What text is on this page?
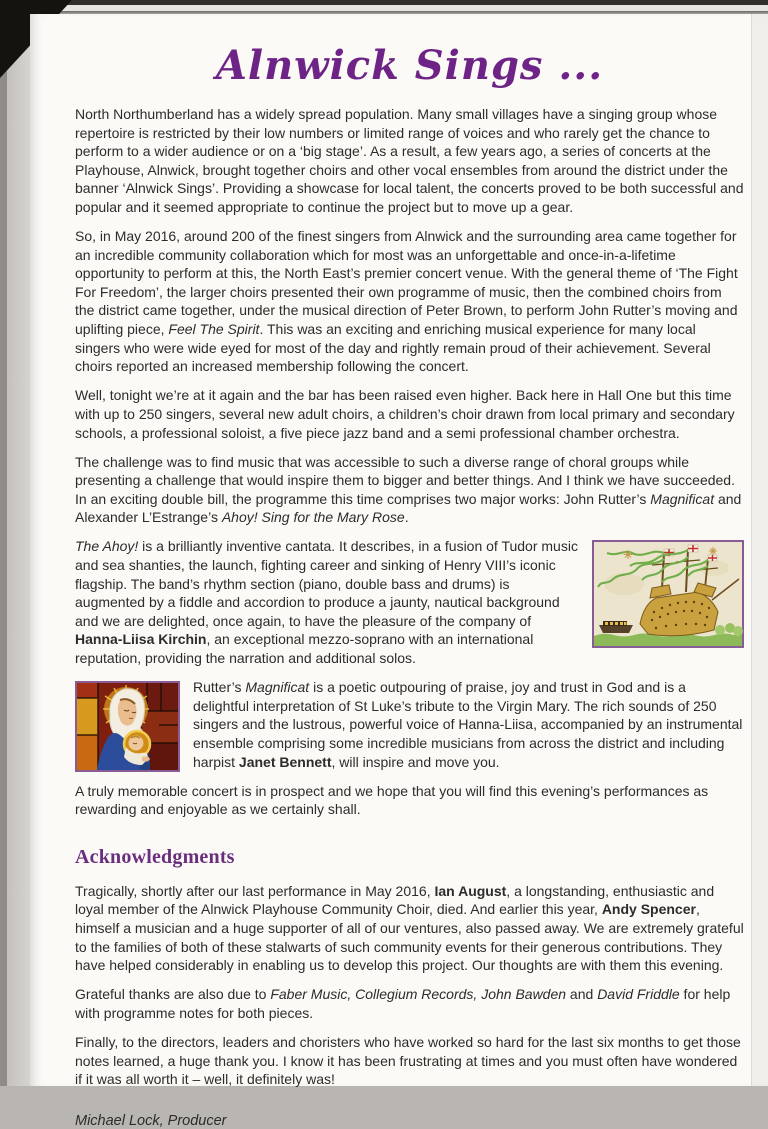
Alnwick Sings ...

North Northumberland has a widely spread population. Many small villages have a singing group whose repertoire is restricted by their low numbers or limited range of voices and who rarely get the chance to perform to a wider audience or on a ‘big stage’. As a result, a few years ago, a series of concerts at the Playhouse, Alnwick, brought together choirs and other vocal ensembles from around the district under the banner ‘Alnwick Sings’. Providing a showcase for local talent, the concerts proved to be both successful and popular and it seemed appropriate to continue the project but to move up a gear.

So, in May 2016, around 200 of the finest singers from Alnwick and the surrounding area came together for an incredible community collaboration which for most was an unforgettable and once-in-a-lifetime opportunity to perform at this, the North East’s premier concert venue. With the general theme of ‘The Fight For Freedom’, the larger choirs presented their own programme of music, then the combined choirs from the district came together, under the musical direction of Peter Brown, to perform John Rutter’s moving and uplifting piece, Feel The Spirit. This was an exciting and enriching musical experience for many local singers who were wide eyed for most of the day and rightly remain proud of their achievement. Several choirs reported an increased membership following the concert.

Well, tonight we’re at it again and the bar has been raised even higher. Back here in Hall One but this time with up to 250 singers, several new adult choirs, a children’s choir drawn from local primary and secondary schools, a professional soloist, a five piece jazz band and a semi professional chamber orchestra.

The challenge was to find music that was accessible to such a diverse range of choral groups while presenting a challenge that would inspire them to bigger and better things. And I think we have succeeded. In an exciting double bill, the programme this time comprises two major works: John Rutter’s Magnificat and Alexander L’Estrange’s Ahoy! Sing for the Mary Rose.

The Ahoy! is a brilliantly inventive cantata. It describes, in a fusion of Tudor music and sea shanties, the launch, fighting career and sinking of Henry VIII’s iconic flagship. The band’s rhythm section (piano, double bass and drums) is augmented by a fiddle and accordion to produce a jaunty, nautical background and we are delighted, once again, to have the pleasure of the company of Hanna-Liisa Kirchin, an exceptional mezzo-soprano with an international reputation, providing the narration and additional solos.

Rutter’s Magnificat is a poetic outpouring of praise, joy and trust in God and is a delightful interpretation of St Luke’s tribute to the Virgin Mary. The rich sounds of 250 singers and the lustrous, powerful voice of Hanna-Liisa, accompanied by an instrumental ensemble comprising some incredible musicians from across the district and including harpist Janet Bennett, will inspire and move you.

A truly memorable concert is in prospect and we hope that you will find this evening’s performances as rewarding and enjoyable as we certainly shall.

Acknowledgments

Tragically, shortly after our last performance in May 2016, Ian August, a longstanding, enthusiastic and loyal member of the Alnwick Playhouse Community Choir, died. And earlier this year, Andy Spencer, himself a musician and a huge supporter of all of our ventures, also passed away. We are extremely grateful to the families of both of these stalwarts of such community events for their generous contributions. They have helped considerably in enabling us to develop this project. Our thoughts are with them this evening.

Grateful thanks are also due to Faber Music, Collegium Records, John Bawden and David Friddle for help with programme notes for both pieces.

Finally, to the directors, leaders and choristers who have worked so hard for the last six months to get those notes learned, a huge thank you. I know it has been frustrating at times and you must often have wondered if it was all worth it – well, it definitely was!

Michael Lock, Producer
